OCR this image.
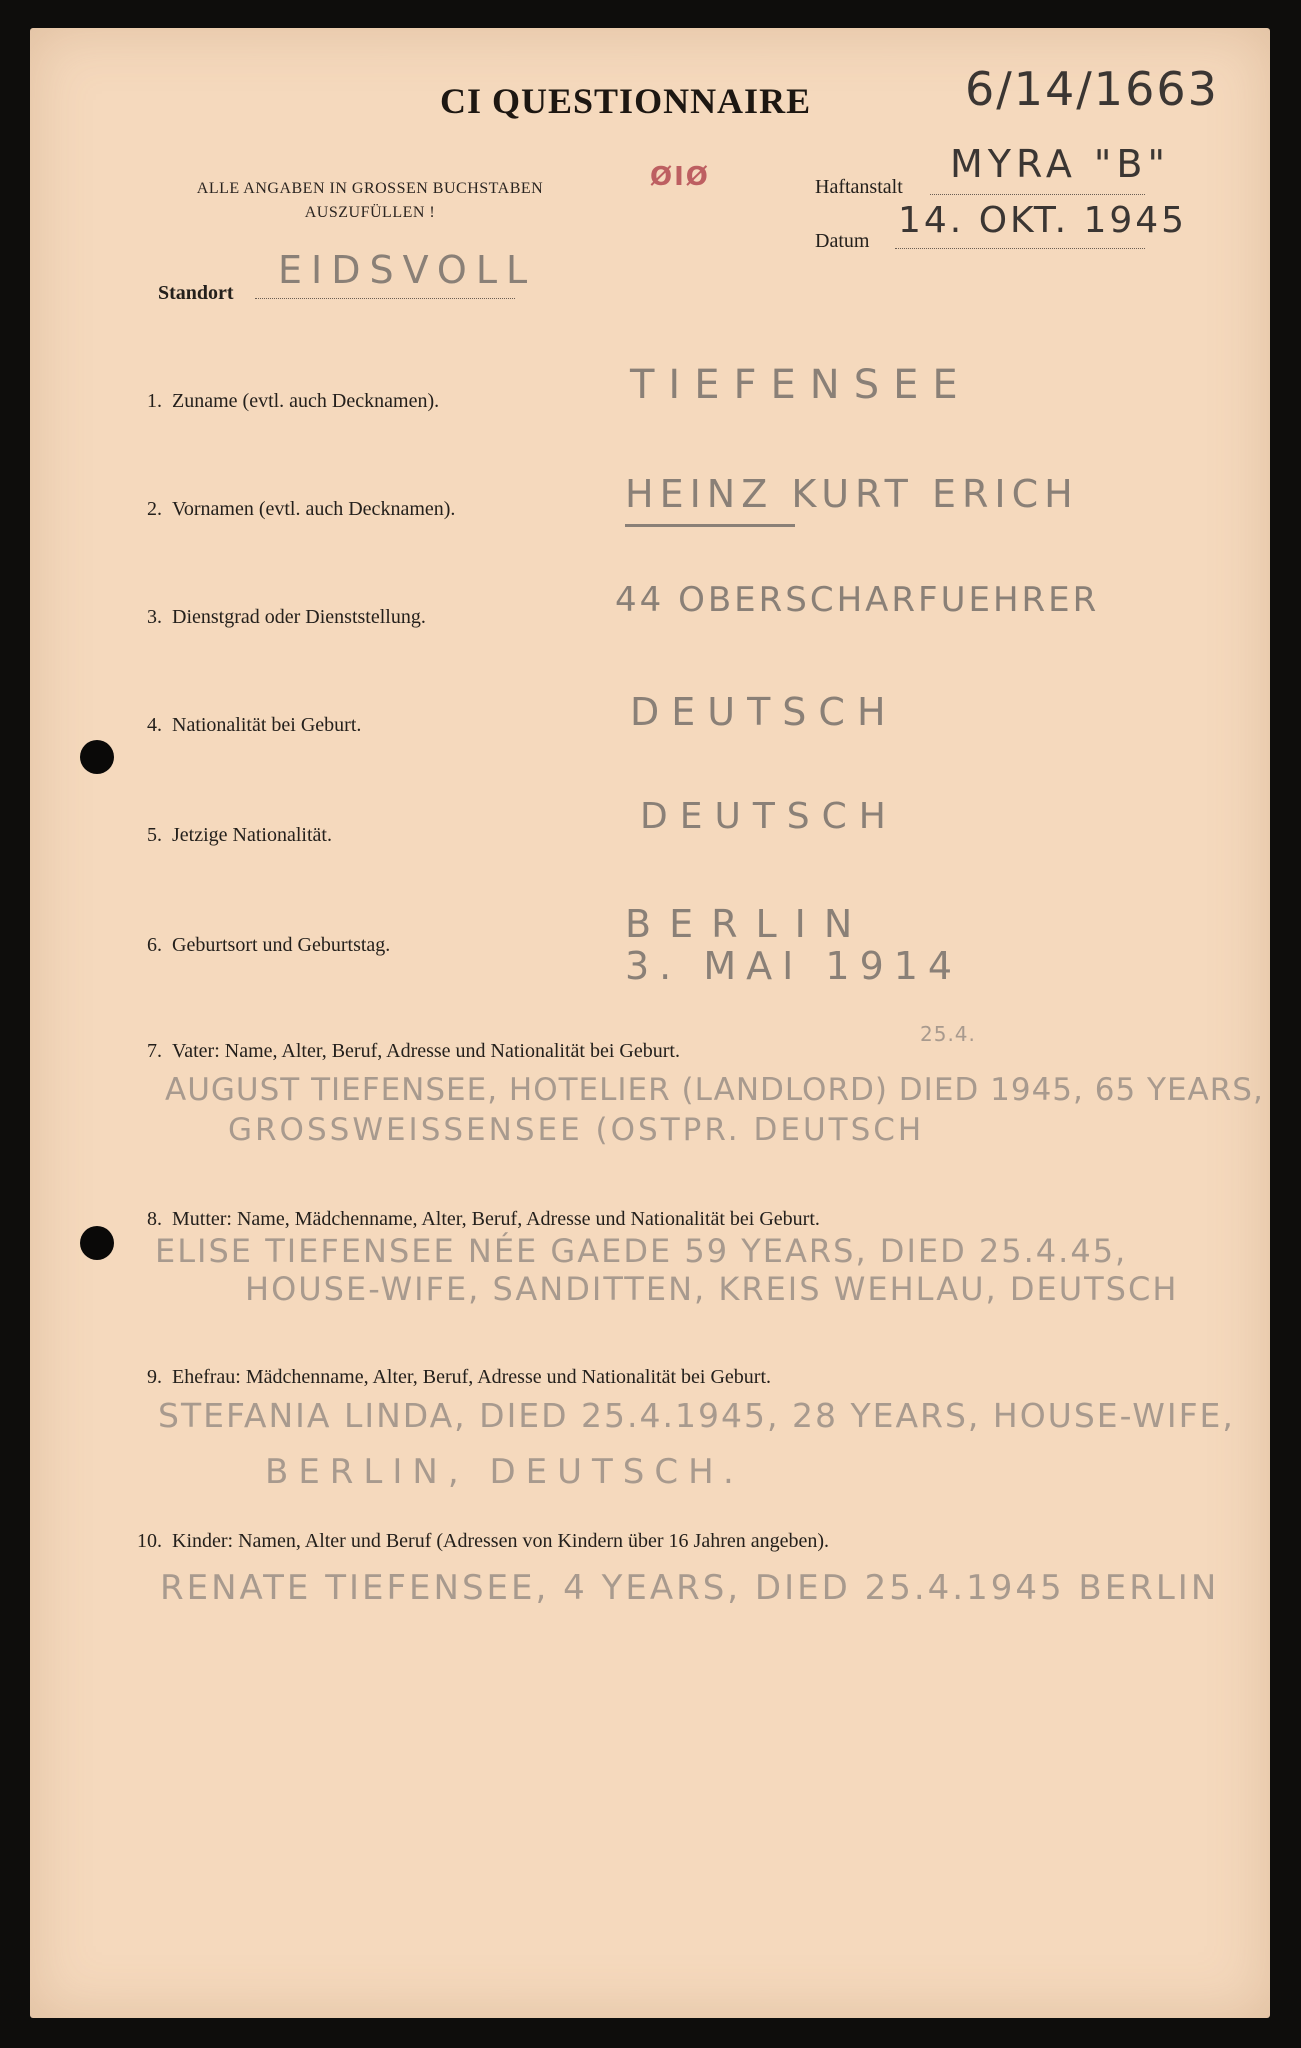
CI QUESTIONNAIRE	6/14/1663
ALLE ANGABEN IN GROSSEN BUCHSTABEN
AUSZUFÜLLEN !
ØIØ	Haftanstalt
MYRA "B"
Datum 14. OKT. 1945
Standort
EIDSVOLL
1. Zuname (evtl. auch Decknamen).	TIEFENSEE
2. Vornamen (evtl. auch Decknamen).	HEINZ KURT ERICH
3. Dienstgrad oder Dienststellung.	44 OBERSCHARFUEHRER
4. Nationalität bei Geburt.	DEUTSCH
5. Jetzige Nationalität.	DEUTSCH
6. Geburtsort und Geburtstag.	BERLIN
3. MAI 1914
7. Vater: Name, Alter, Beruf, Adresse und Nationalität bei Geburt.
25.4.
AUGUST TIEFENSEE, HOTELIER (LANDLORD) DIED 1945, 65 YEARS,
GROSSWEISSENSEE (OSTPR. DEUTSCH
8. Mutter: Name, Mädchenname, Alter, Beruf, Adresse und Nationalität bei Geburt.
ELISE TIEFENSEE NÉE GAEDE 59 YEARS, DIED 25.4.45,
HOUSE-WIFE, SANDITTEN, KREIS WEHLAU, DEUTSCH
9. Ehefrau: Mädchenname, Alter, Beruf, Adresse und Nationalität bei Geburt.
STEFANIA LINDA, DIED 25.4.1945, 28 YEARS, HOUSE-WIFE,
BERLIN, DEUTSCH.
10. Kinder: Namen, Alter und Beruf (Adressen von Kindern über 16 Jahren angeben).
RENATE TIEFENSEE, 4 YEARS, DIED 25.4.1945 BERLIN
